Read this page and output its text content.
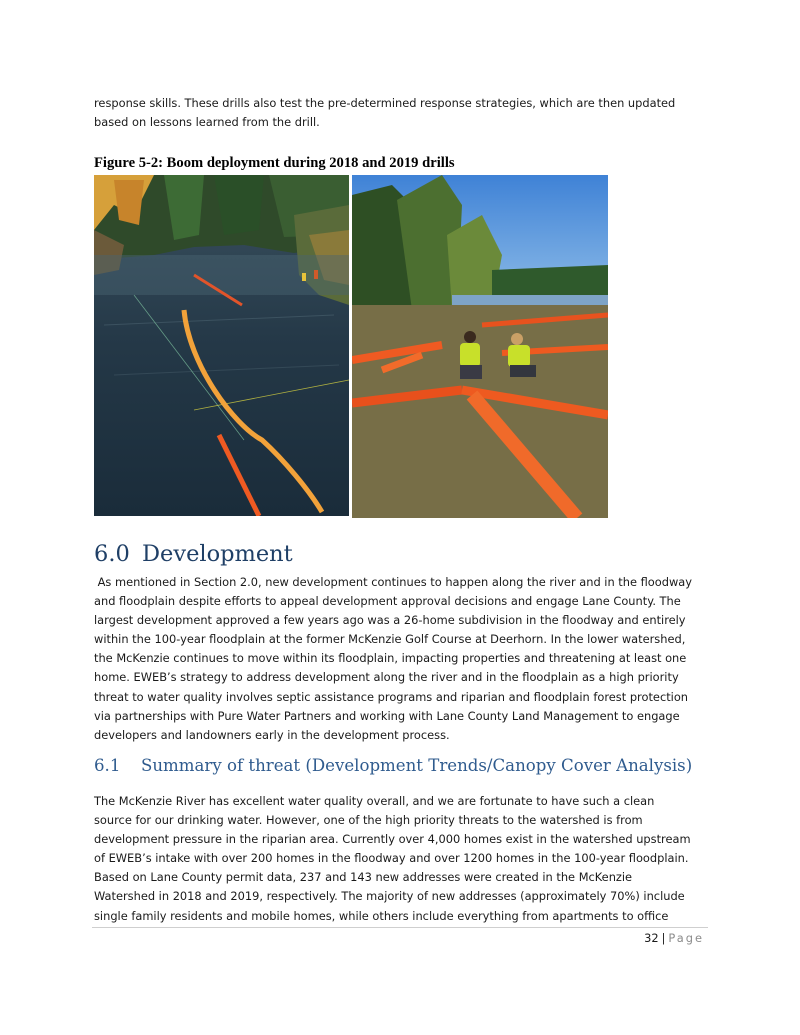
response skills. These drills also test the pre-determined response strategies, which are then updated
based on lessons learned from the drill.

Figure 5-2: Boom deployment during 2018 and 2019 drills
6.0 Development

As mentioned in Section 2.0, new development continues to happen along the river and in the floodway
and floodplain despite efforts to appeal development approval decisions and engage Lane County. The
largest development approved a few years ago was a 26-home subdivision in the floodway and entirely
within the 100-year floodplain at the former McKenzie Golf Course at Deerhorn. In the lower watershed,
the McKenzie continues to move within its floodplain, impacting properties and threatening at least one
home. EWEB’s strategy to address development along the river and in the floodplain as a high priority
threat to water quality involves septic assistance programs and riparian and floodplain forest protection
via partnerships with Pure Water Partners and working with Lane County Land Management to engage
developers and landowners early in the development process.

6.1 Summary of threat (Development Trends/Canopy Cover Analysis)

The McKenzie River has excellent water quality overall, and we are fortunate to have such a clean
source for our drinking water. However, one of the high priority threats to the watershed is from
development pressure in the riparian area. Currently over 4,000 homes exist in the watershed upstream
of EWEB’s intake with over 200 homes in the floodway and over 1200 homes in the 100-year floodplain.
Based on Lane County permit data, 237 and 143 new addresses were created in the McKenzie
Watershed in 2018 and 2019, respectively. The majority of new addresses (approximately 70%) include
single family residents and mobile homes, while others include everything from apartments to office

32 | Page
